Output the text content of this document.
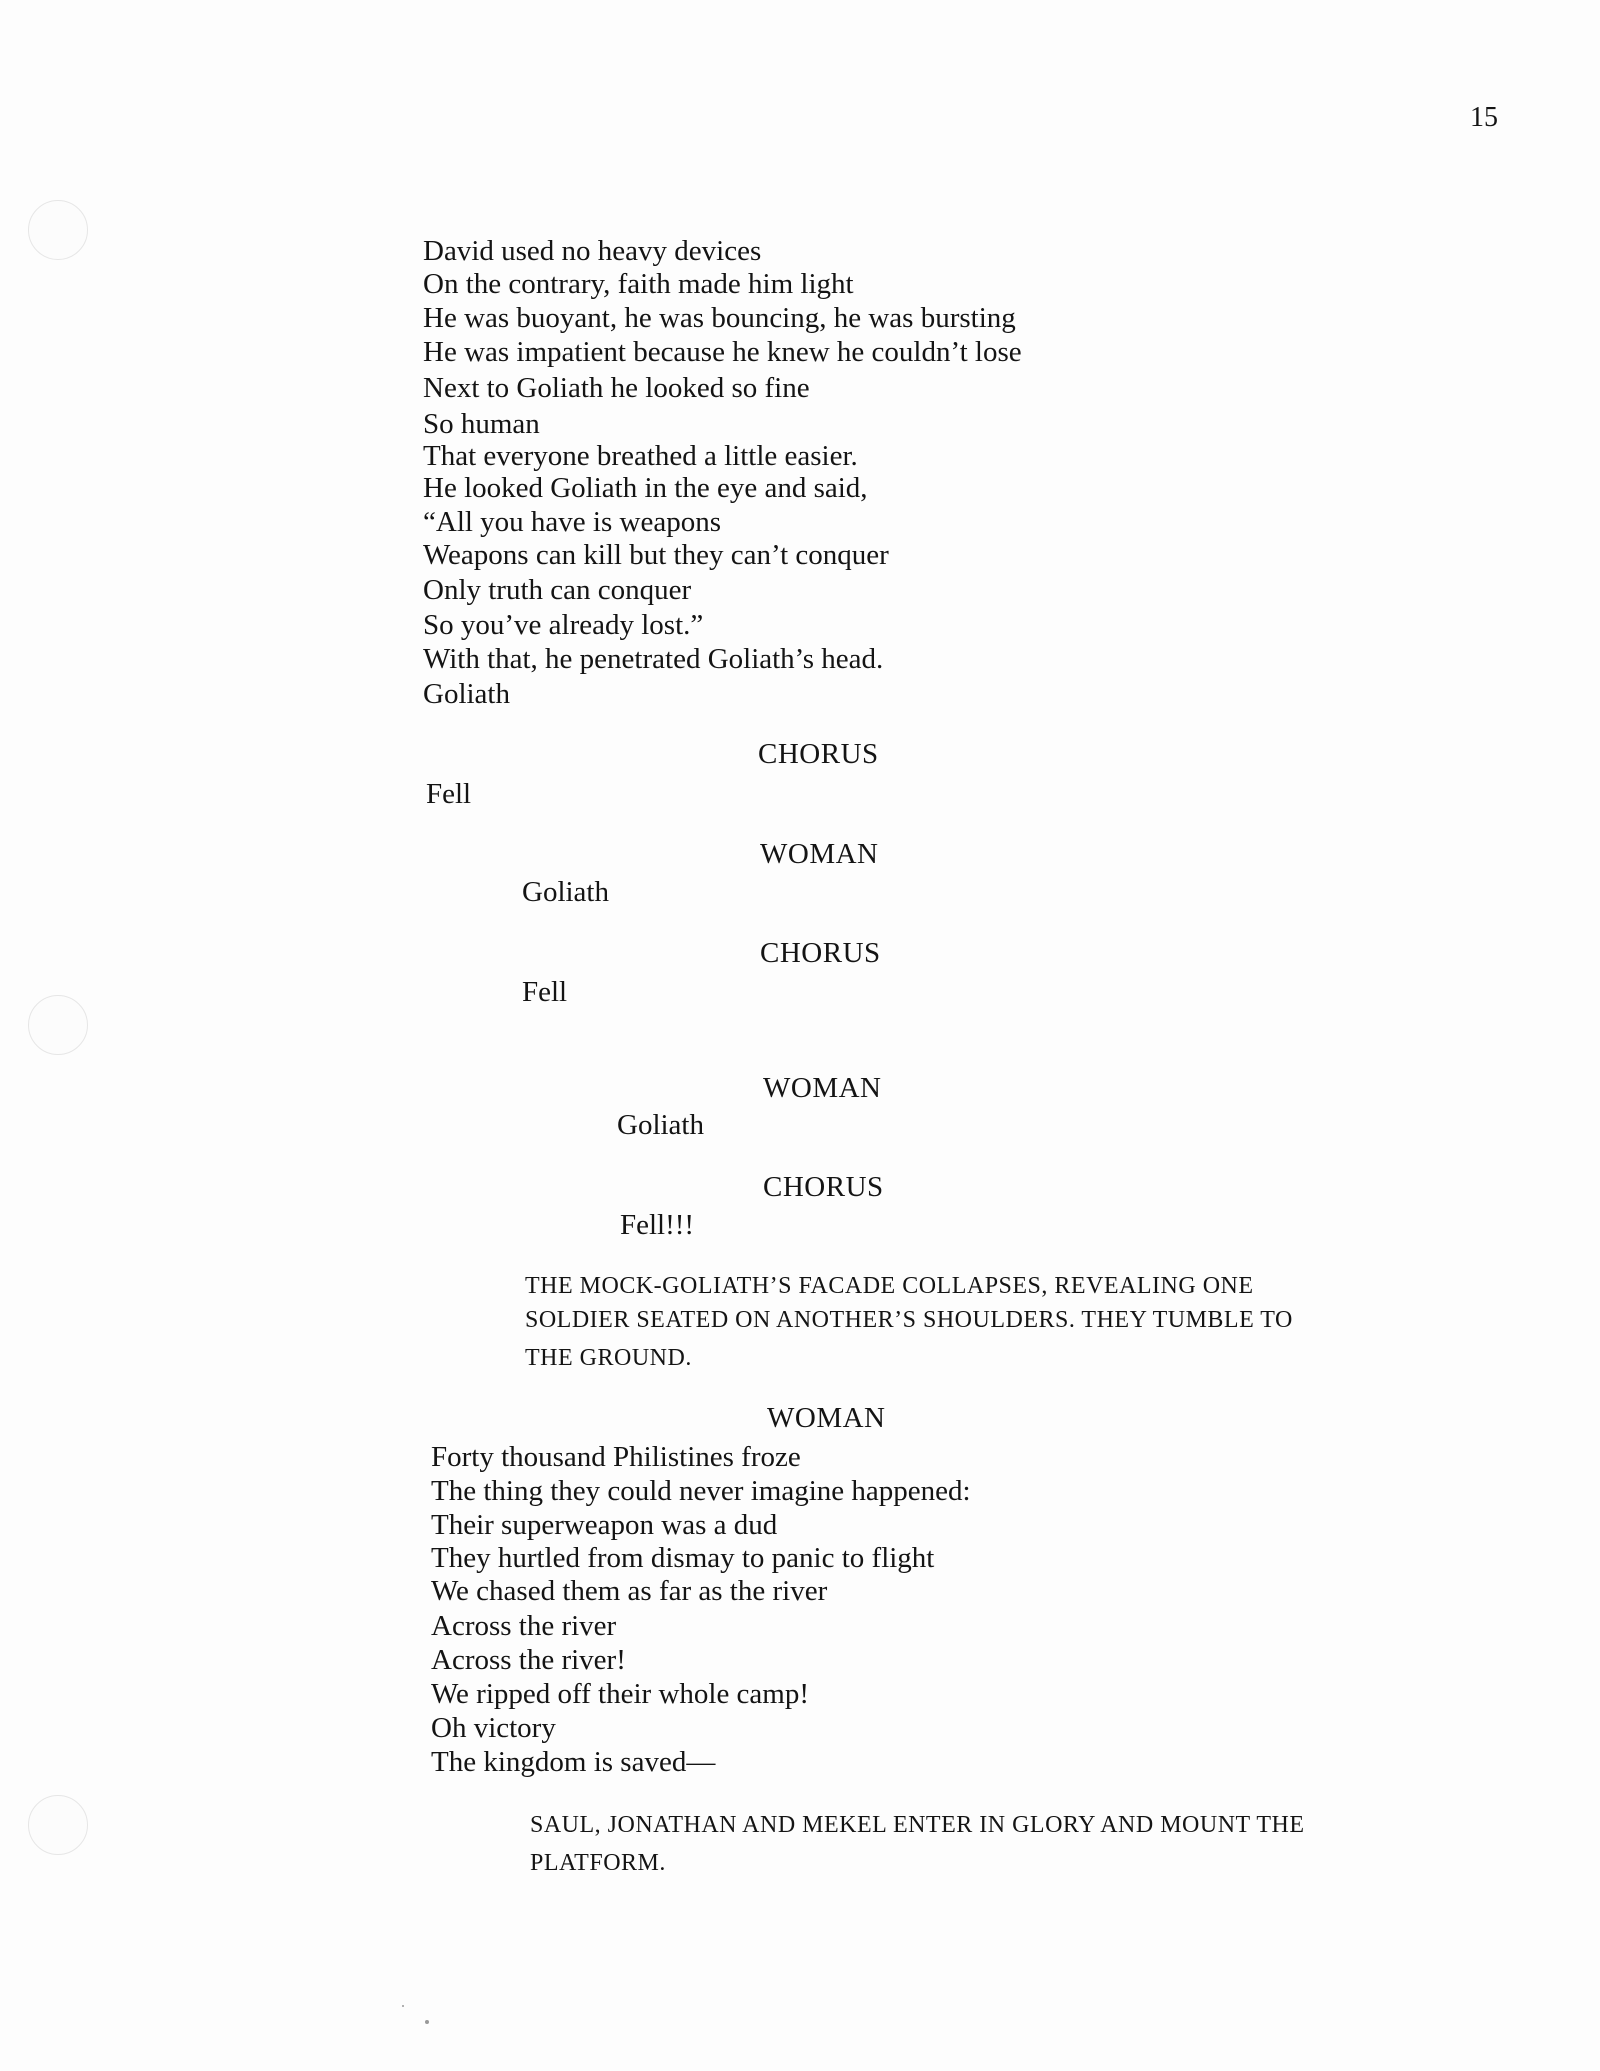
15

David used no heavy devices

On the contrary, faith made him light

He was buoyant, he was bouncing, he was bursting

He was impatient because he knew he couldn’t lose

Next to Goliath he looked so fine

So human

That everyone breathed a little easier.

He looked Goliath in the eye and said,

“All you have is weapons

Weapons can kill but they can’t conquer

Only truth can conquer

So you’ve already lost.”

With that, he penetrated Goliath’s head.

Goliath

CHORUS

Fell

WOMAN

Goliath

CHORUS

Fell

WOMAN

Goliath

CHORUS

Fell!!!

THE MOCK-GOLIATH’S FACADE COLLAPSES, REVEALING ONE

SOLDIER SEATED ON ANOTHER’S SHOULDERS. THEY TUMBLE TO

THE GROUND.

WOMAN

Forty thousand Philistines froze

The thing they could never imagine happened:

Their superweapon was a dud

They hurtled from dismay to panic to flight

We chased them as far as the river

Across the river

Across the river!

We ripped off their whole camp!

Oh victory

The kingdom is saved—

SAUL, JONATHAN AND MEKEL ENTER IN GLORY AND MOUNT THE

PLATFORM.
